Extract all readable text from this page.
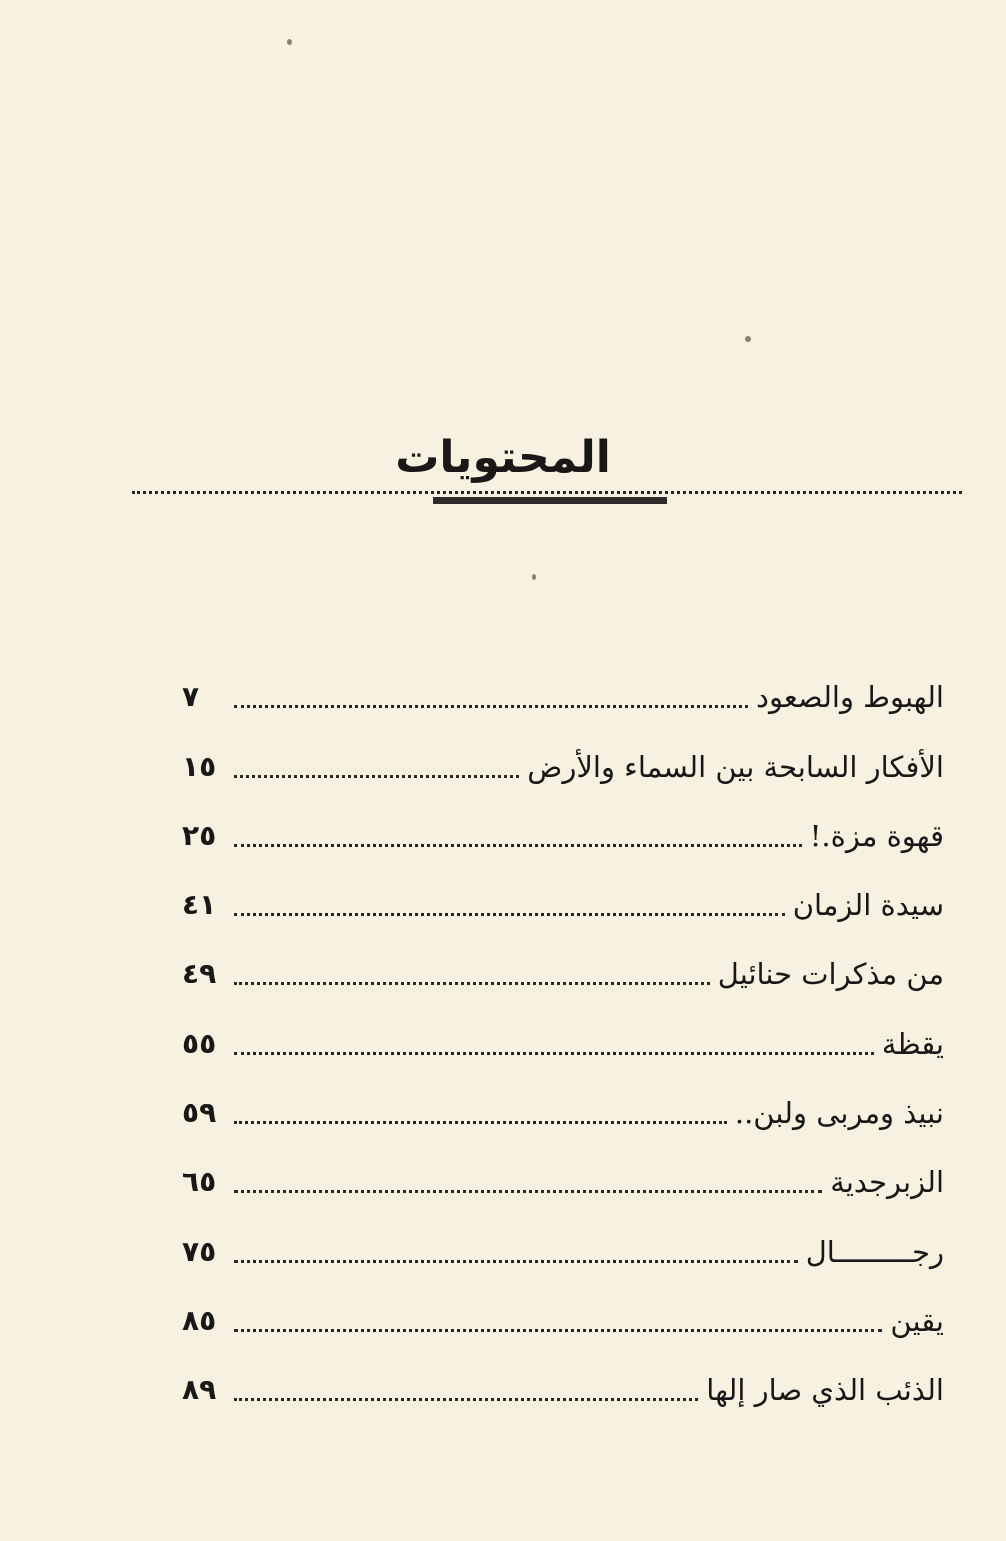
المحتويات
الهبوط والصعود
٧
الأفكار السابحة بين السماء والأرض
١٥
قهوة مزة.!
٢٥
سيدة الزمان
٤١
من مذكرات حنائيل
٤٩
يقظة
٥٥
نبيذ ومربى ولبن..
٥٩
الزبرجدية
٦٥
رجـــــــــال
٧٥
يقين
٨٥
الذئب الذي صار إلها
٨٩
